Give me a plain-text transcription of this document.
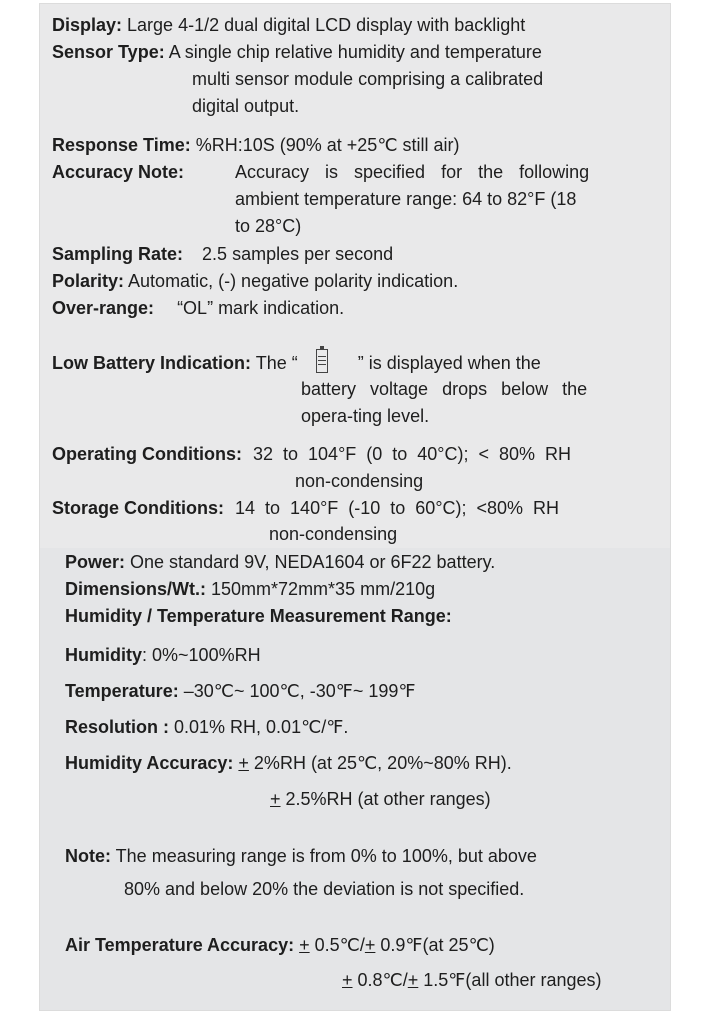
Display: Large 4-1/2 dual digital LCD display with backlight
Sensor Type: A single chip relative humidity and temperature
multi sensor module comprising a calibrated
digital output.
Response Time: %RH:10S (90% at +25℃ still air)
Accuracy Note:	Accuracy is specified for the following
ambient temperature range: 64 to 82°F (18
to 28°C)
Sampling Rate: 2.5 samples per second
Polarity: Automatic, (-) negative polarity indication.
Over-range: “OL” mark indication.
Low Battery Indication: The “	” is displayed when the
battery voltage drops below the
opera-ting level.
Operating Conditions: 32 to 104°F (0 to 40°C); < 80% RH
non-condensing
Storage Conditions: 14 to 140°F (-10 to 60°C); <80% RH
non-condensing
Power: One standard 9V, NEDA1604 or 6F22 battery.
Dimensions/Wt.: 150mm*72mm*35 mm/210g
Humidity / Temperature Measurement Range:
Humidity: 0%~100%RH
Temperature: –30℃~ 100℃, -30℉~ 199℉
Resolution : 0.01% RH, 0.01℃/℉.
Humidity Accuracy: + 2%RH (at 25℃, 20%~80% RH).
+ 2.5%RH (at other ranges)
Note: The measuring range is from 0% to 100%, but above
80% and below 20% the deviation is not specified.
Air Temperature Accuracy: + 0.5℃/+ 0.9℉(at 25℃)
+ 0.8℃/+ 1.5℉(all other ranges)
